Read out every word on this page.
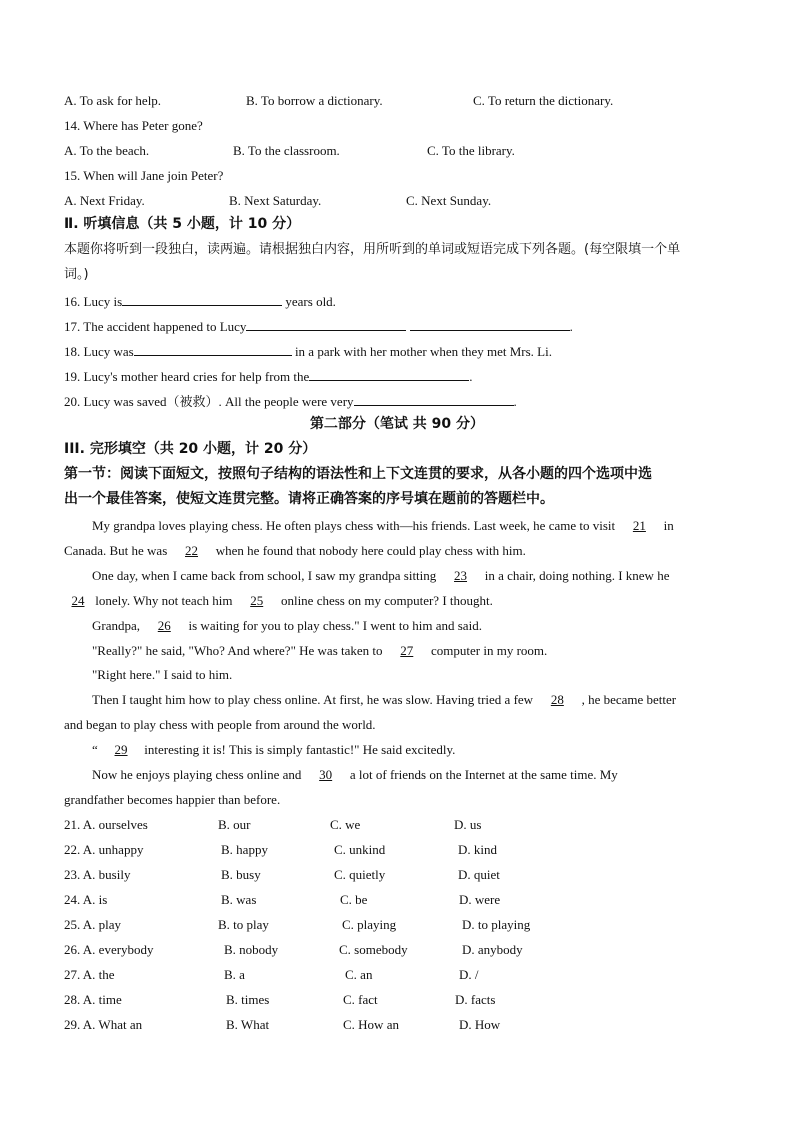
A. To ask for help.	B. To borrow a dictionary.	C. To return the dictionary.
14. Where has Peter gone?
A. To the beach.	B. To the classroom.	C. To the library.
15. When will Jane join Peter?
A. Next Friday.	B. Next Saturday.	C. Next Sunday.
Ⅱ. 听填信息（共 5 小题，计 10 分）
本题你将听到一段独白，读两遍。请根据独白内容，用所听到的单词或短语完成下列各题。(每空限填一个单
词。)
16. Lucy is	years old.
17. The accident happened to Lucy	.
18. Lucy was	in a park with her mother when they met Mrs. Li.
19. Lucy's mother heard cries for help from the	.
20. Lucy was saved（被救）. All the people were very	.
第二部分（笔试 共 90 分）
III. 完形填空（共 20 小题，计 20 分）
第一节：阅读下面短文，按照句子结构的语法性和上下文连贯的要求，从各小题的四个选项中选
出一个最佳答案，使短文连贯完整。请将正确答案的序号填在题前的答题栏中。
My grandpa loves playing chess. He often plays chess with—his friends. Last week, he came to visit 21 in
Canada. But he was 22 when he found that nobody here could play chess with him.
One day, when I came back from school, I saw my grandpa sitting 23 in a chair, doing nothing. I knew he
24 lonely. Why not teach him 25 online chess on my computer? I thought.
Grandpa, 26 is waiting for you to play chess." I went to him and said.
"Really?" he said, "Who? And where?" He was taken to 27 computer in my room.
"Right here." I said to him.
Then I taught him how to play chess online. At first, he was slow. Having tried a few 28 , he became better
and began to play chess with people from around the world.
“ 29 interesting it is! This is simply fantastic!" He said excitedly.
Now he enjoys playing chess online and 30 a lot of friends on the Internet at the same time. My
grandfather becomes happier than before.
21. A. ourselves	B. our	C. we	D. us
22. A. unhappy	B. happy	C. unkind	D. kind
23. A. busily	B. busy	C. quietly	D. quiet
24. A. is	B. was	C. be	D. were
25. A. play	B. to play	C. playing	D. to playing
26. A. everybody	B. nobody	C. somebody	D. anybody
27. A. the	B. a	C. an	D. /
28. A. time	B. times	C. fact	D. facts
29. A. What an	B. What	C. How an	D. How
